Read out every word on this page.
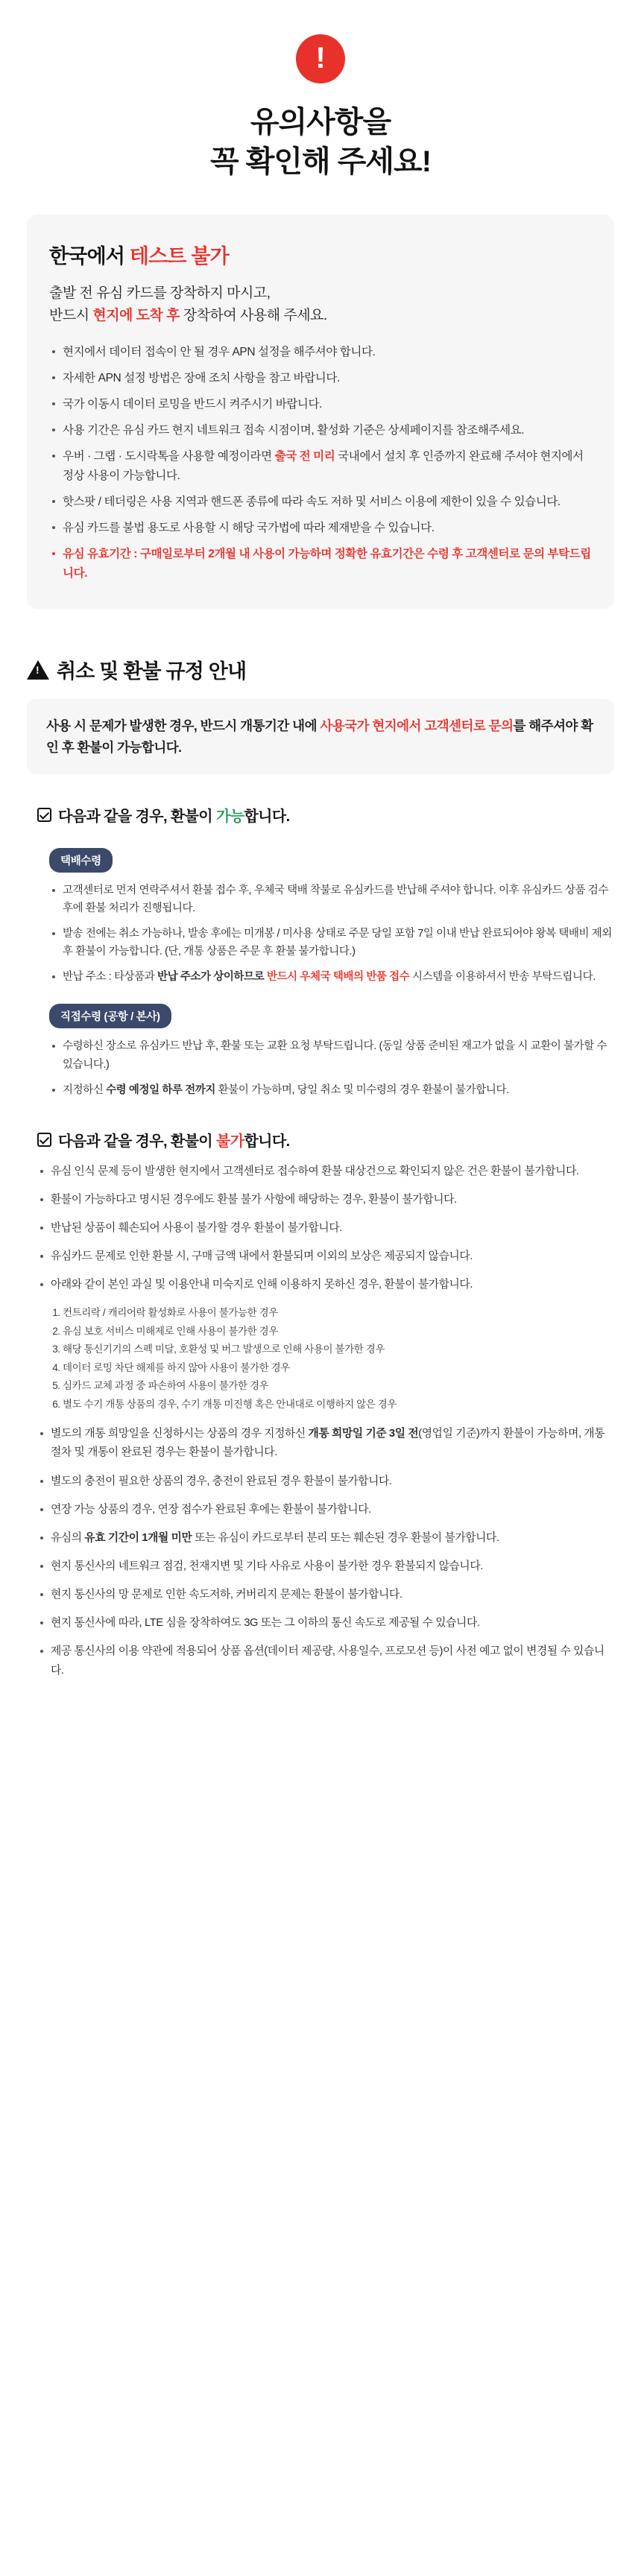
!
유의사항을
꼭 확인해 주세요!
한국에서 테스트 불가
출발 전 유심 카드를 장착하지 마시고,
반드시 현지에 도착 후 장착하여 사용해 주세요.
현지에서 데이터 접속이 안 될 경우 APN 설정을 해주셔야 합니다.
자세한 APN 설정 방법은 장애 조치 사항을 참고 바랍니다.
국가 이동시 데이터 로밍을 반드시 켜주시기 바랍니다.
사용 기간은 유심 카드 현지 네트워크 접속 시점이며, 활성화 기준은 상세페이지를 참조해주세요.
우버 · 그랩 · 도시락톡을 사용할 예정이라면 출국 전 미리 국내에서 설치 후 인증까지 완료해 주셔야 현지에서 정상 사용이 가능합니다.
핫스팟 / 테더링은 사용 지역과 핸드폰 종류에 따라 속도 저하 및 서비스 이용에 제한이 있을 수 있습니다.
유심 카드를 불법 용도로 사용할 시 해당 국가법에 따라 제재받을 수 있습니다.
유심 유효기간 : 구매일로부터 2개월 내 사용이 가능하며 정확한 유효기간은 수령 후 고객센터로 문의 부탁드립니다.
!
취소 및 환불 규정 안내
사용 시 문제가 발생한 경우, 반드시 개통기간 내에 사용국가 현지에서 고객센터로 문의를 해주셔야 확인 후 환불이 가능합니다.
다음과 같을 경우, 환불이 가능합니다.
택배수령
고객센터로 먼저 연락주셔서 환불 접수 후, 우체국 택배 착불로 유심카드를 반납해 주셔야 합니다. 이후 유심카드 상품 검수 후에 환불 처리가 진행됩니다.
발송 전에는 취소 가능하나, 발송 후에는 미개봉 / 미사용 상태로 주문 당일 포함 7일 이내 반납 완료되어야 왕복 택배비 제외 후 환불이 가능합니다. (단, 개통 상품은 주문 후 환불 불가합니다.)
반납 주소 : 타상품과 반납 주소가 상이하므로 반드시 우체국 택배의 반품 접수 시스템을 이용하셔서 반송 부탁드립니다.
직접수령 (공항 / 본사)
수령하신 장소로 유심카드 반납 후, 환불 또는 교환 요청 부탁드립니다. (동일 상품 준비된 재고가 없을 시 교환이 불가할 수 있습니다.)
지정하신 수령 예정일 하루 전까지 환불이 가능하며, 당일 취소 및 미수령의 경우 환불이 불가합니다.
다음과 같을 경우, 환불이 불가합니다.
유심 인식 문제 등이 발생한 현지에서 고객센터로 접수하여 환불 대상건으로 확인되지 않은 건은 환불이 불가합니다.
환불이 가능하다고 명시된 경우에도 환불 불가 사항에 해당하는 경우, 환불이 불가합니다.
반납된 상품이 훼손되어 사용이 불가할 경우 환불이 불가합니다.
유심카드 문제로 인한 환불 시, 구매 금액 내에서 환불되며 이외의 보상은 제공되지 않습니다.
아래와 같이 본인 과실 및 이용안내 미숙지로 인해 이용하지 못하신 경우, 환불이 불가합니다.
1. 컨트리락 / 캐리어락 활성화로 사용이 불가능한 경우
2. 유심 보호 서비스 미해제로 인해 사용이 불가한 경우
3. 해당 통신기기의 스펙 미달, 호환성 및 버그 발생으로 인해 사용이 불가한 경우
4. 데이터 로밍 차단 해제를 하지 않아 사용이 불가한 경우
5. 심카드 교체 과정 중 파손하여 사용이 불가한 경우
6. 별도 수기 개통 상품의 경우, 수기 개통 미진행 혹은 안내대로 이행하지 않은 경우
별도의 개통 희망일을 신청하시는 상품의 경우 지정하신 개통 희망일 기준 3일 전(영업일 기준)까지 환불이 가능하며, 개통절차 및 개통이 완료된 경우는 환불이 불가합니다.
별도의 충전이 필요한 상품의 경우, 충전이 완료된 경우 환불이 불가합니다.
연장 가능 상품의 경우, 연장 접수가 완료된 후에는 환불이 불가합니다.
유심의 유효 기간이 1개월 미만 또는 유심이 카드로부터 분리 또는 훼손된 경우 환불이 불가합니다.
현지 통신사의 네트워크 점검, 천재지변 및 기타 사유로 사용이 불가한 경우 환불되지 않습니다.
현지 통신사의 망 문제로 인한 속도저하, 커버리지 문제는 환불이 불가합니다.
현지 통신사에 따라, LTE 심을 장착하여도 3G 또는 그 이하의 통신 속도로 제공될 수 있습니다.
제공 통신사의 이용 약관에 적용되어 상품 옵션(데이터 제공량, 사용일수, 프로모션 등)이 사전 예고 없이 변경될 수 있습니다.
